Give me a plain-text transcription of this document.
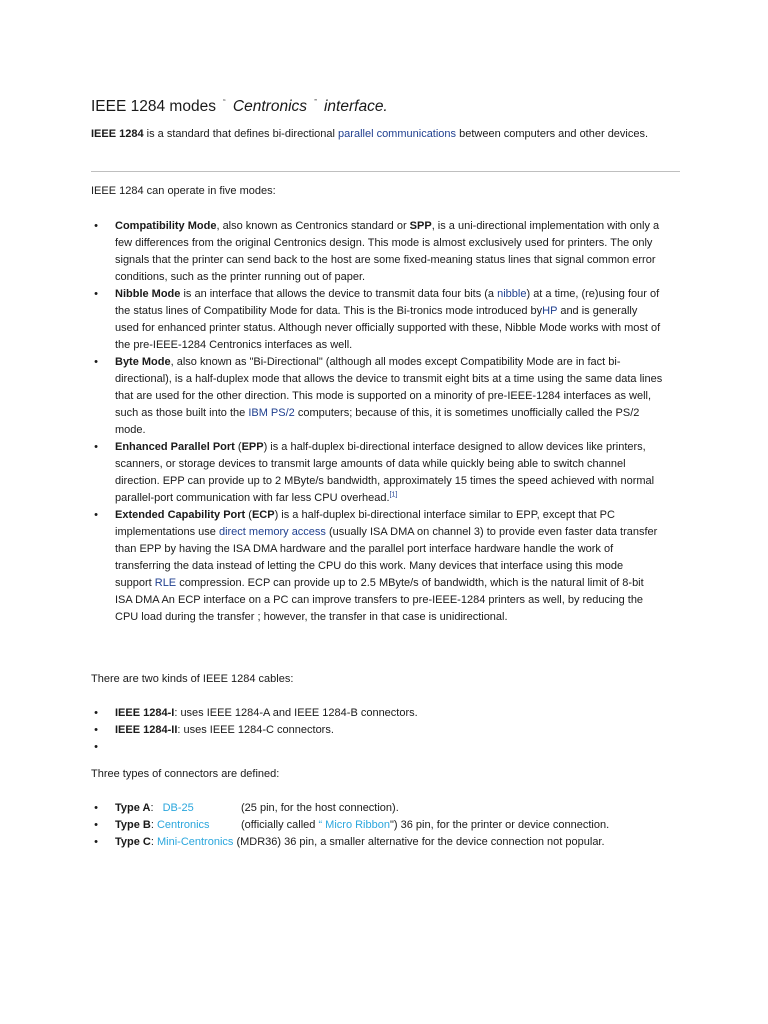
IEEE 1284 modes “ Centronics ” interface.
IEEE 1284 is a standard that defines bi-directional parallel communications between computers and other devices.
IEEE 1284 can operate in five modes:
• Compatibility Mode, also known as Centronics standard or SPP, is a uni-directional implementation with only a
few differences from the original Centronics design. This mode is almost exclusively used for printers. The only
signals that the printer can send back to the host are some fixed-meaning status lines that signal common error
conditions, such as the printer running out of paper.
• Nibble Mode is an interface that allows the device to transmit data four bits (a nibble) at a time, (re)using four of
the status lines of Compatibility Mode for data. This is the Bi-tronics mode introduced byHP and is generally
used for enhanced printer status. Although never officially supported with these, Nibble Mode works with most of
the pre-IEEE-1284 Centronics interfaces as well.
• Byte Mode, also known as "Bi-Directional" (although all modes except Compatibility Mode are in fact bi-
directional), is a half-duplex mode that allows the device to transmit eight bits at a time using the same data lines
that are used for the other direction. This mode is supported on a minority of pre-IEEE-1284 interfaces as well,
such as those built into the IBM PS/2 computers; because of this, it is sometimes unofficially called the PS/2
mode.
• Enhanced Parallel Port (EPP) is a half-duplex bi-directional interface designed to allow devices like printers,
scanners, or storage devices to transmit large amounts of data while quickly being able to switch channel
direction. EPP can provide up to 2 MByte/s bandwidth, approximately 15 times the speed achieved with normal
parallel-port communication with far less CPU overhead.[1]
• Extended Capability Port (ECP) is a half-duplex bi-directional interface similar to EPP, except that PC
implementations use direct memory access (usually ISA DMA on channel 3) to provide even faster data transfer
than EPP by having the ISA DMA hardware and the parallel port interface hardware handle the work of
transferring the data instead of letting the CPU do this work. Many devices that interface using this mode
support RLE compression. ECP can provide up to 2.5 MByte/s of bandwidth, which is the natural limit of 8-bit
ISA DMA An ECP interface on a PC can improve transfers to pre-IEEE-1284 printers as well, by reducing the
CPU load during the transfer ; however, the transfer in that case is unidirectional.
There are two kinds of IEEE 1284 cables:
• IEEE 1284-I: uses IEEE 1284-A and IEEE 1284-B connectors.
• IEEE 1284-II: uses IEEE 1284-C connectors.
•

Three types of connectors are defined:
• Type A: DB-25	(25 pin, for the host connection).
• Type B: Centronics	(officially called “ Micro Ribbon") 36 pin, for the printer or device connection.
• Type C: Mini-Centronics (MDR36) 36 pin, a smaller alternative for the device connection not popular.
